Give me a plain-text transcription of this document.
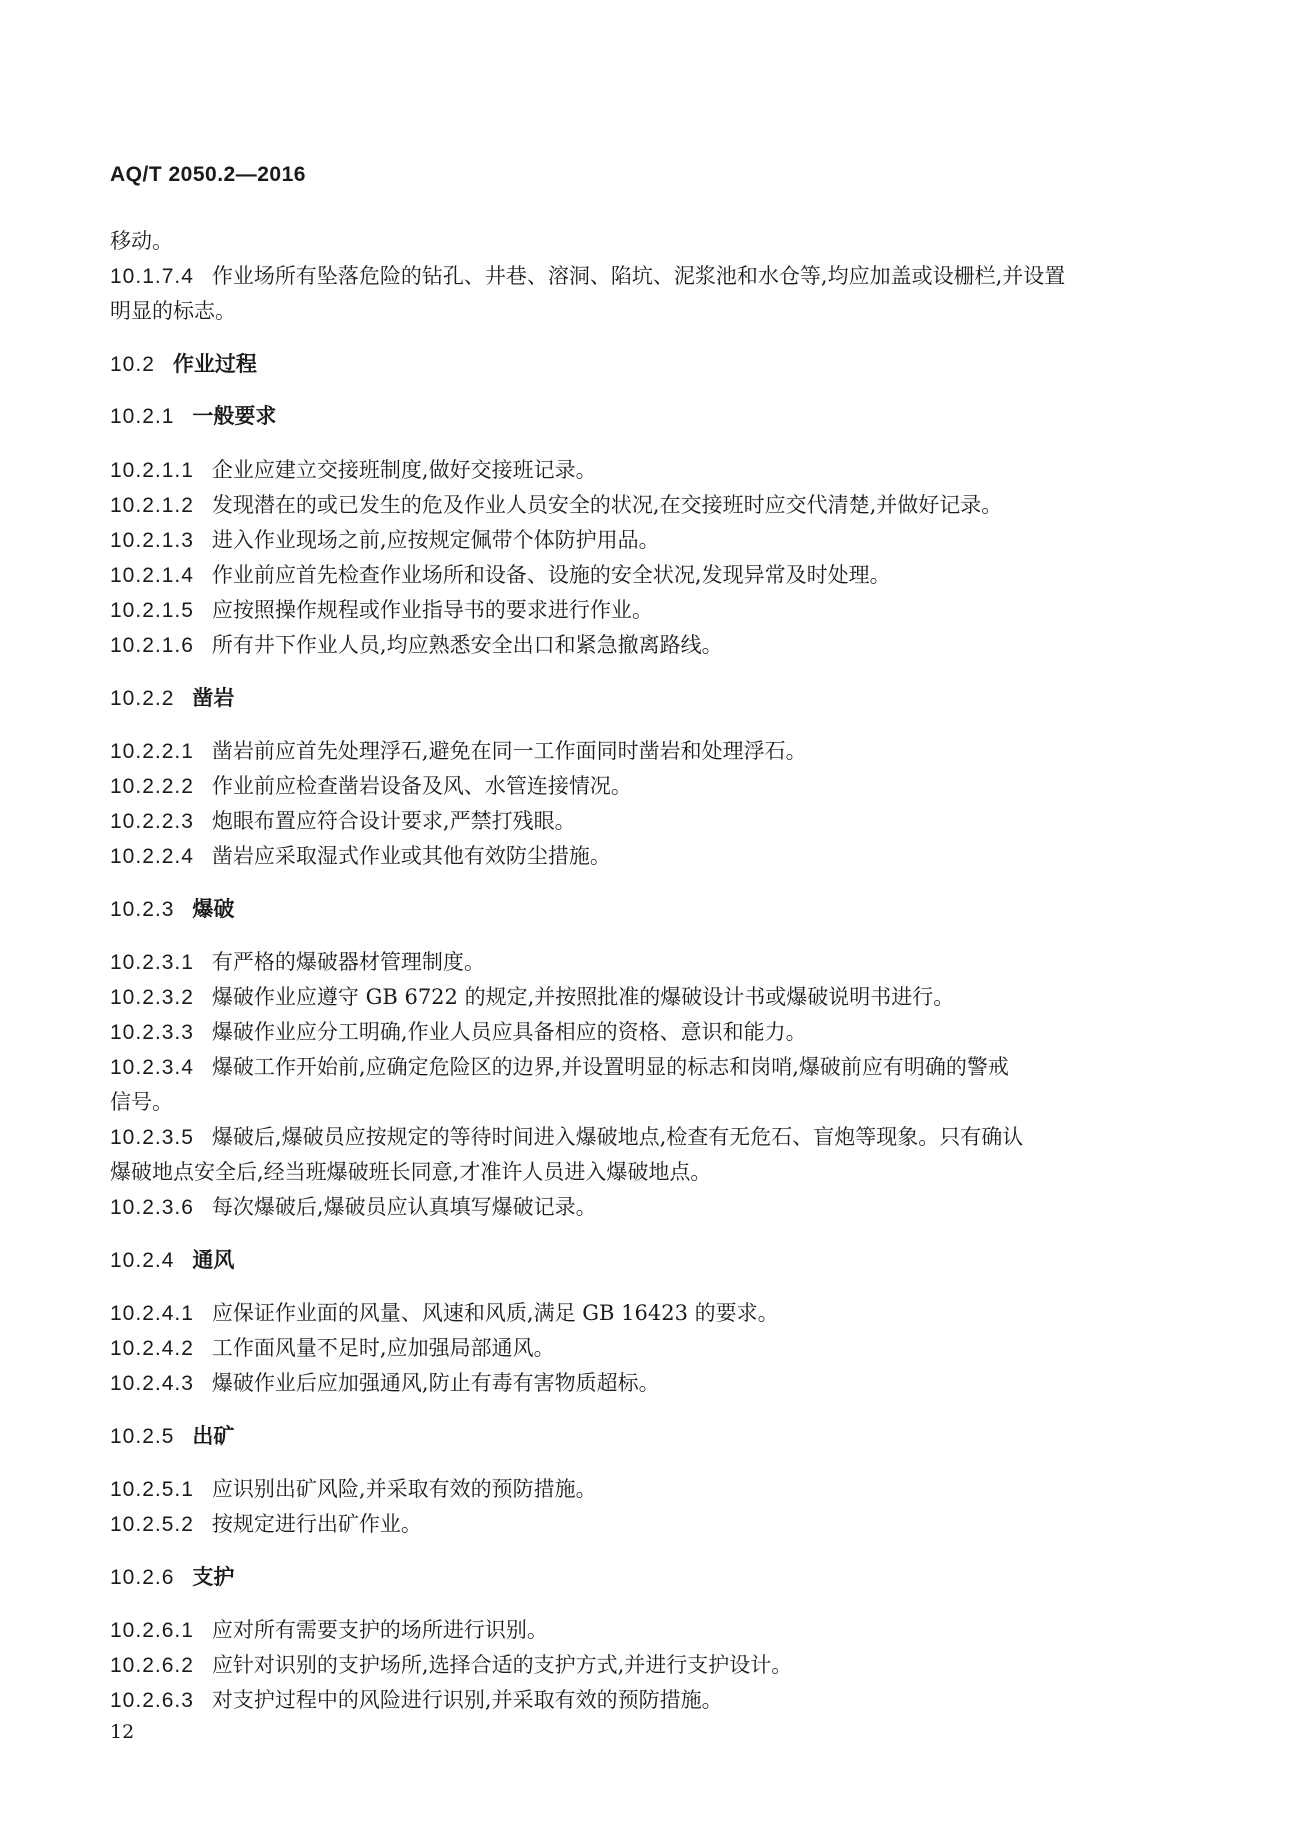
AQ/T 2050.2—2016
移动。
10.1.7.4 作业场所有坠落危险的钻孔、井巷、溶洞、陷坑、泥浆池和水仓等,均应加盖或设栅栏,并设置
明显的标志。
10.2 作业过程
10.2.1 一般要求
10.2.1.1 企业应建立交接班制度,做好交接班记录。
10.2.1.2 发现潜在的或已发生的危及作业人员安全的状况,在交接班时应交代清楚,并做好记录。
10.2.1.3 进入作业现场之前,应按规定佩带个体防护用品。
10.2.1.4 作业前应首先检查作业场所和设备、设施的安全状况,发现异常及时处理。
10.2.1.5 应按照操作规程或作业指导书的要求进行作业。
10.2.1.6 所有井下作业人员,均应熟悉安全出口和紧急撤离路线。
10.2.2 凿岩
10.2.2.1 凿岩前应首先处理浮石,避免在同一工作面同时凿岩和处理浮石。
10.2.2.2 作业前应检查凿岩设备及风、水管连接情况。
10.2.2.3 炮眼布置应符合设计要求,严禁打残眼。
10.2.2.4 凿岩应采取湿式作业或其他有效防尘措施。
10.2.3 爆破
10.2.3.1 有严格的爆破器材管理制度。
10.2.3.2 爆破作业应遵守 GB 6722 的规定,并按照批准的爆破设计书或爆破说明书进行。
10.2.3.3 爆破作业应分工明确,作业人员应具备相应的资格、意识和能力。
10.2.3.4 爆破工作开始前,应确定危险区的边界,并设置明显的标志和岗哨,爆破前应有明确的警戒
信号。
10.2.3.5 爆破后,爆破员应按规定的等待时间进入爆破地点,检查有无危石、盲炮等现象。只有确认
爆破地点安全后,经当班爆破班长同意,才准许人员进入爆破地点。
10.2.3.6 每次爆破后,爆破员应认真填写爆破记录。
10.2.4 通风
10.2.4.1 应保证作业面的风量、风速和风质,满足 GB 16423 的要求。
10.2.4.2 工作面风量不足时,应加强局部通风。
10.2.4.3 爆破作业后应加强通风,防止有毒有害物质超标。
10.2.5 出矿
10.2.5.1 应识别出矿风险,并采取有效的预防措施。
10.2.5.2 按规定进行出矿作业。
10.2.6 支护
10.2.6.1 应对所有需要支护的场所进行识别。
10.2.6.2 应针对识别的支护场所,选择合适的支护方式,并进行支护设计。
10.2.6.3 对支护过程中的风险进行识别,并采取有效的预防措施。
12
